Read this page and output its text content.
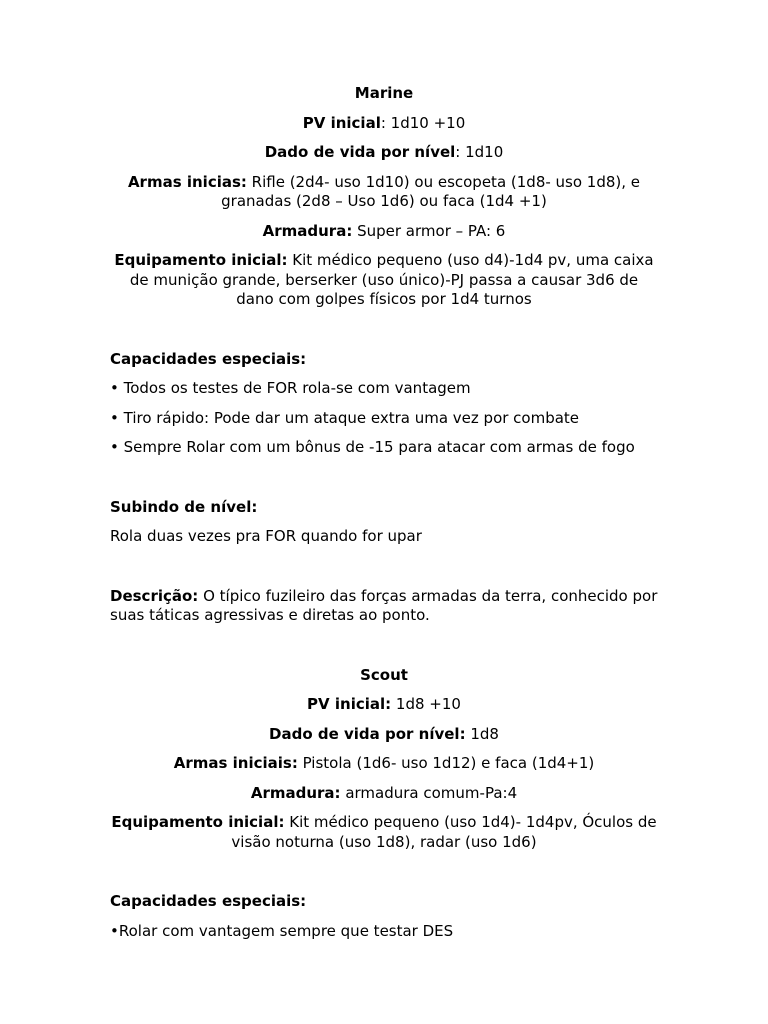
Marine

PV inicial: 1d10 +10

Dado de vida por nível: 1d10

Armas inicias: Rifle (2d4- uso 1d10) ou escopeta (1d8- uso 1d8), e granadas (2d8 – Uso 1d6) ou faca (1d4 +1)

Armadura: Super armor – PA: 6

Equipamento inicial: Kit médico pequeno (uso d4)-1d4 pv, uma caixa de munição grande, berserker (uso único)-PJ passa a causar 3d6 de dano com golpes físicos por 1d4 turnos

Capacidades especiais:

• Todos os testes de FOR rola-se com vantagem

• Tiro rápido: Pode dar um ataque extra uma vez por combate

• Sempre Rolar com um bônus de -15 para atacar com armas de fogo

Subindo de nível:

Rola duas vezes pra FOR quando for upar

Descrição: O típico fuzileiro das forças armadas da terra, conhecido por suas táticas agressivas e diretas ao ponto.

Scout

PV inicial: 1d8 +10

Dado de vida por nível: 1d8

Armas iniciais: Pistola (1d6- uso 1d12) e faca (1d4+1)

Armadura: armadura comum-Pa:4

Equipamento inicial: Kit médico pequeno (uso 1d4)- 1d4pv, Óculos de visão noturna (uso 1d8), radar (uso 1d6)

Capacidades especiais:

•Rolar com vantagem sempre que testar DES
